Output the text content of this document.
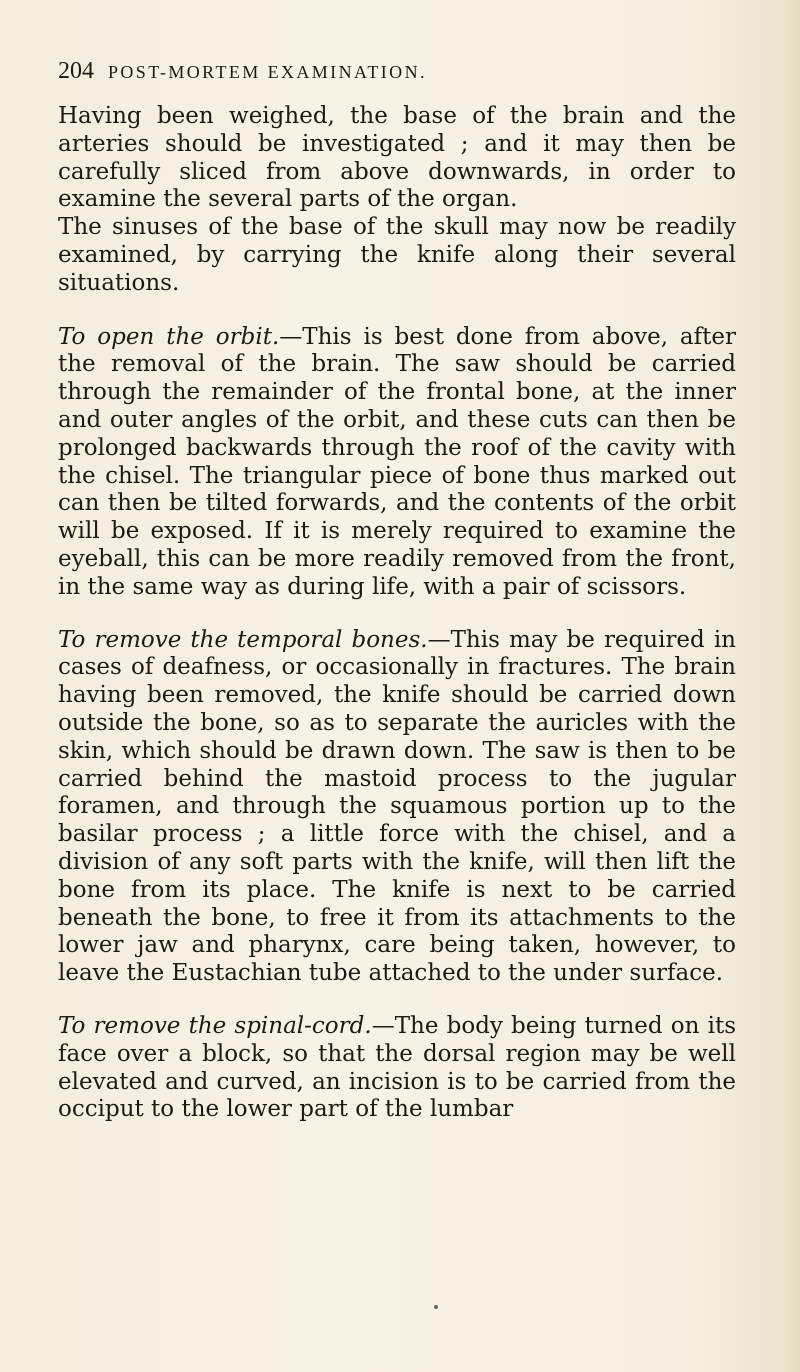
204 POST-MORTEM EXAMINATION.

Having been weighed, the base of the brain and the arteries should be investigated ; and it may then be carefully sliced from above downwards, in order to examine the several parts of the organ.

The sinuses of the base of the skull may now be readily examined, by carrying the knife along their several situations.

To open the orbit.—This is best done from above, after the removal of the brain. The saw should be carried through the remainder of the frontal bone, at the inner and outer angles of the orbit, and these cuts can then be prolonged backwards through the roof of the cavity with the chisel. The triangular piece of bone thus marked out can then be tilted forwards, and the contents of the orbit will be exposed. If it is merely required to examine the eyeball, this can be more readily removed from the front, in the same way as during life, with a pair of scissors.

To remove the temporal bones.—This may be required in cases of deafness, or occasionally in fractures. The brain having been removed, the knife should be carried down outside the bone, so as to separate the auricles with the skin, which should be drawn down. The saw is then to be carried behind the mastoid process to the jugular foramen, and through the squamous portion up to the basilar process ; a little force with the chisel, and a division of any soft parts with the knife, will then lift the bone from its place. The knife is next to be carried beneath the bone, to free it from its attachments to the lower jaw and pharynx, care being taken, however, to leave the Eustachian tube attached to the under surface.

To remove the spinal-cord.—The body being turned on its face over a block, so that the dorsal region may be well elevated and curved, an incision is to be carried from the occiput to the lower part of the lumbar
